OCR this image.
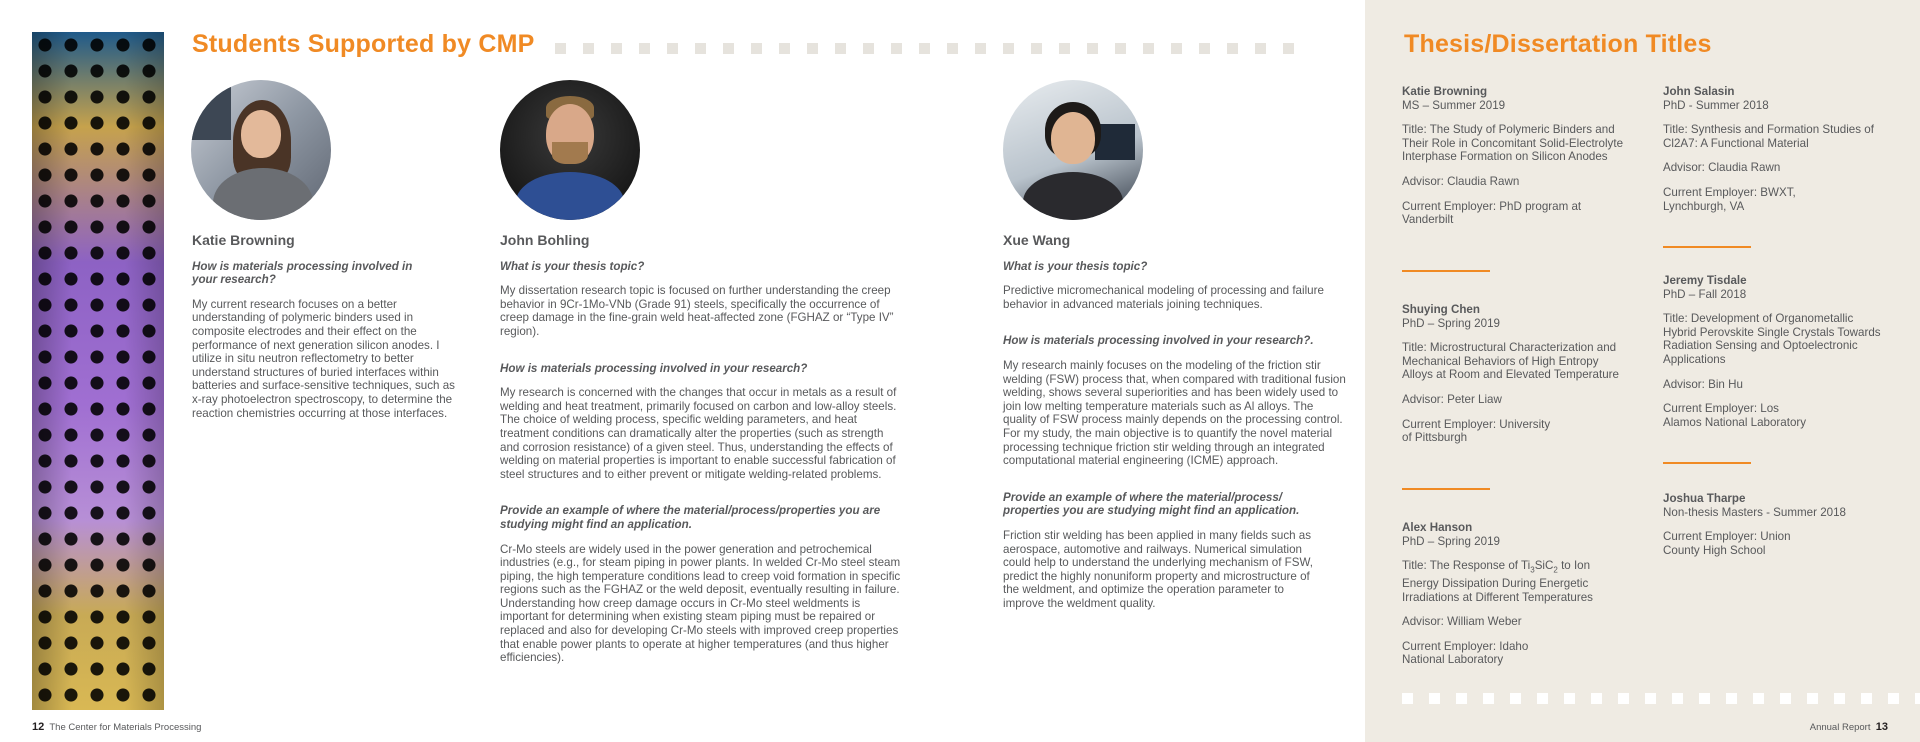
Students Supported by CMP

Katie Browning

How is materials processing involved in your research?

My current research focuses on a better understanding of polymeric binders used in composite electrodes and their effect on the performance of next generation silicon anodes. I utilize in situ neutron reflectometry to better understand structures of buried interfaces within batteries and surface-sensitive techniques, such as x-ray photoelectron spectroscopy, to determine the reaction chemistries occurring at those interfaces.

John Bohling

What is your thesis topic?

My dissertation research topic is focused on further understanding the creep behavior in 9Cr-1Mo-VNb (Grade 91) steels, specifically the occurrence of creep damage in the fine-grain weld heat-affected zone (FGHAZ or “Type IV” region).

How is materials processing involved in your research?

My research is concerned with the changes that occur in metals as a result of welding and heat treatment, primarily focused on carbon and low-alloy steels. The choice of welding process, specific welding parameters, and heat treatment conditions can dramatically alter the properties (such as strength and corrosion resistance) of a given steel. Thus, understanding the effects of welding on material properties is important to enable successful fabrication of steel structures and to either prevent or mitigate welding-related problems.

Provide an example of where the material/process/properties you are studying might find an application.

Cr-Mo steels are widely used in the power generation and petrochemical industries (e.g., for steam piping in power plants. In welded Cr-Mo steel steam piping, the high temperature conditions lead to creep void formation in specific regions such as the FGHAZ or the weld deposit, eventually resulting in failure. Understanding how creep damage occurs in Cr-Mo steel weldments is important for determining when existing steam piping must be repaired or replaced and also for developing Cr-Mo steels with improved creep properties that enable power plants to operate at higher temperatures (and thus higher efficiencies).

Xue Wang

What is your thesis topic?

Predictive micromechanical modeling of processing and failure behavior in advanced materials joining techniques.

How is materials processing involved in your research?.

My research mainly focuses on the modeling of the friction stir welding (FSW) process that, when compared with traditional fusion welding, shows several superiorities and has been widely used to join low melting temperature materials such as Al alloys. The quality of FSW process mainly depends on the processing control. For my study, the main objective is to quantify the novel material processing technique friction stir welding through an integrated computational material engineering (ICME) approach.

Provide an example of where the material/process/ properties you are studying might find an application.

Friction stir welding has been applied in many fields such as aerospace, automotive and railways. Numerical simulation could help to understand the underlying mechanism of FSW, predict the highly nonuniform property and microstructure of the weldment, and optimize the operation parameter to improve the weldment quality.

Thesis/Dissertation Titles

Katie Browning

MS – Summer 2019

Title: The Study of Polymeric Binders and Their Role in Concomitant Solid-Electrolyte Interphase Formation on Silicon Anodes

Advisor: Claudia Rawn

Current Employer: PhD program at Vanderbilt

Shuying Chen

PhD – Spring 2019

Title: Microstructural Characterization and Mechanical Behaviors of High Entropy Alloys at Room and Elevated Temperature

Advisor: Peter Liaw

Current Employer: University of Pittsburgh

Alex Hanson

PhD – Spring 2019

Title: The Response of $Ti_3SiC_2$ to Ion Energy Dissipation During Energetic Irradiations at Different Temperatures

Advisor: William Weber

Current Employer: Idaho National Laboratory

John Salasin

PhD - Summer 2018

Title: Synthesis and Formation Studies of Cl2A7: A Functional Material

Advisor: Claudia Rawn

Current Employer: BWXT, Lynchburgh, VA

Jeremy Tisdale

PhD – Fall 2018

Title: Development of Organometallic Hybrid Perovskite Single Crystals Towards Radiation Sensing and Optoelectronic Applications

Advisor: Bin Hu

Current Employer: Los Alamos National Laboratory

Joshua Tharpe

Non-thesis Masters - Summer 2018

Current Employer: Union County High School

12 The Center for Materials Processing	Annual Report 13
